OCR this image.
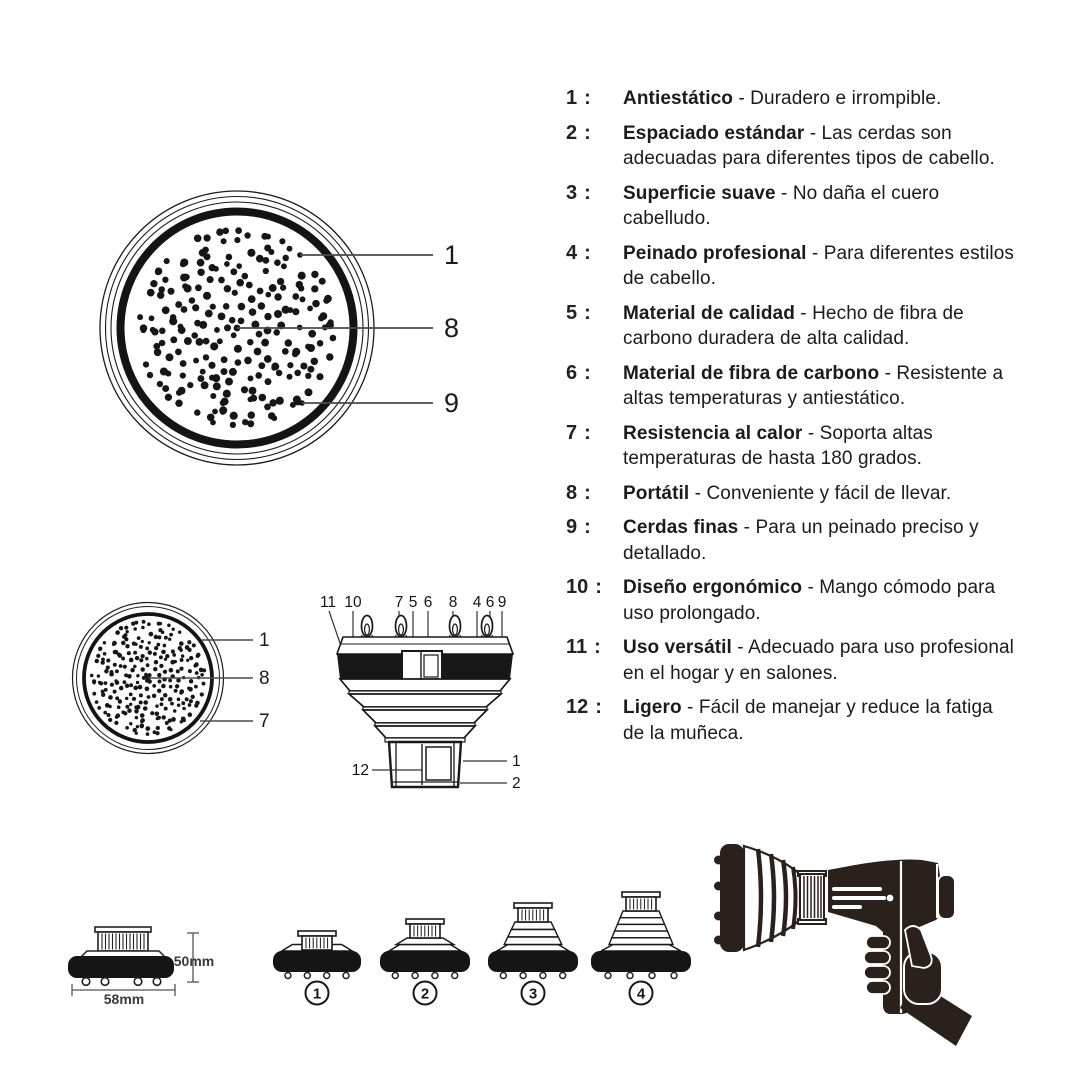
1
8
9
1
8
7
11 10 7 5 6 8 4 6 9
12
1
2
58mm
50mm
1	2	3	4
1 : Antiestático - Duradero e irrompible.
2 : Espaciado estándar - Las cerdas son adecuadas para diferentes tipos de cabello.
3 : Superficie suave - No daña el cuero cabelludo.
4 : Peinado profesional - Para diferentes estilos de cabello.
5 : Material de calidad - Hecho de fibra de carbono duradera de alta calidad.
6 : Material de fibra de carbono - Resistente a altas temperaturas y antiestático.
7 : Resistencia al calor - Soporta altas temperaturas de hasta 180 grados.
8 : Portátil - Conveniente y fácil de llevar.
9 : Cerdas finas - Para un peinado preciso y detallado.
10 : Diseño ergonómico - Mango cómodo para uso prolongado.
11 : Uso versátil - Adecuado para uso profesional en el hogar y en salones.
12 : Ligero - Fácil de manejar y reduce la fatiga de la muñeca.
